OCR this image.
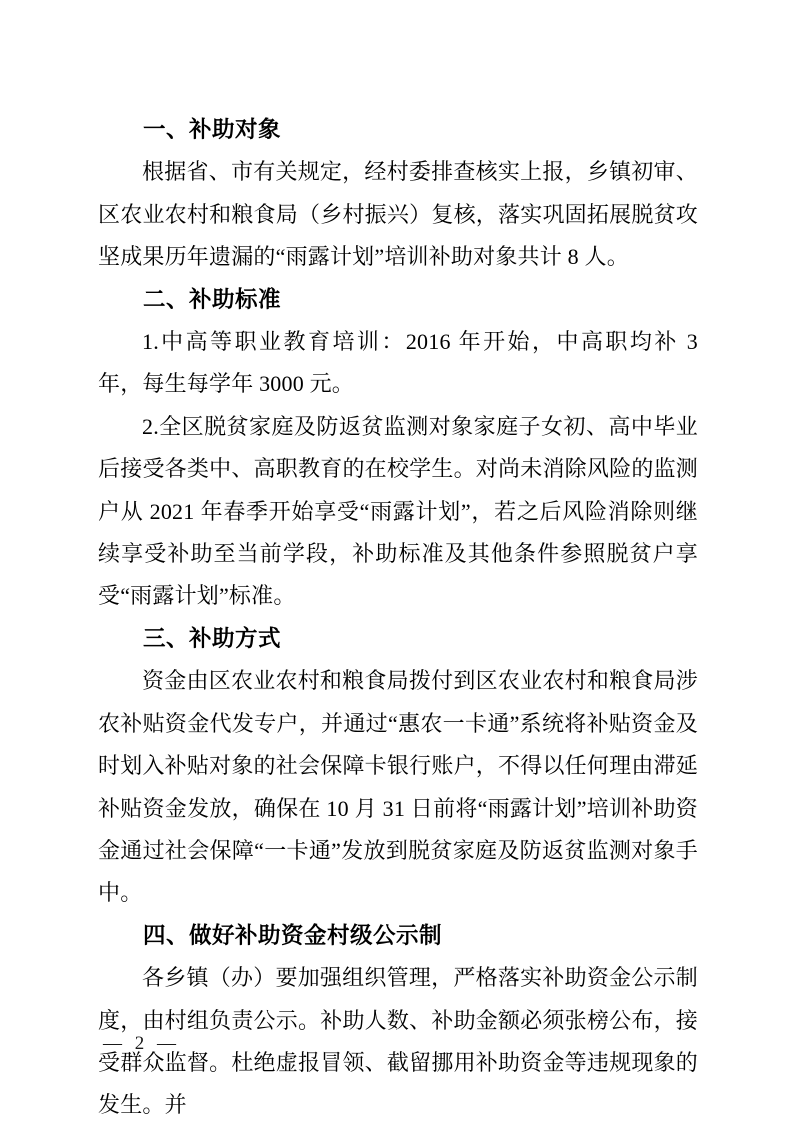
一、补助对象

根据省、市有关规定，经村委排查核实上报，乡镇初审、区农业农村和粮食局（乡村振兴）复核，落实巩固拓展脱贫攻坚成果历年遗漏的“雨露计划”培训补助对象共计 8 人。

二、补助标准

1.中高等职业教育培训：2016 年开始，中高职均补 3 年，每生每学年 3000 元。

2.全区脱贫家庭及防返贫监测对象家庭子女初、高中毕业后接受各类中、高职教育的在校学生。对尚未消除风险的监测户从 2021 年春季开始享受“雨露计划”，若之后风险消除则继续享受补助至当前学段，补助标准及其他条件参照脱贫户享受“雨露计划”标准。

三、补助方式

资金由区农业农村和粮食局拨付到区农业农村和粮食局涉农补贴资金代发专户，并通过“惠农一卡通”系统将补贴资金及时划入补贴对象的社会保障卡银行账户，不得以任何理由滞延补贴资金发放，确保在 10 月 31 日前将“雨露计划”培训补助资金通过社会保障“一卡通”发放到脱贫家庭及防返贫监测对象手中。

四、做好补助资金村级公示制

各乡镇（办）要加强组织管理，严格落实补助资金公示制度，由村组负责公示。补助人数、补助金额必须张榜公布，接受群众监督。杜绝虚报冒领、截留挪用补助资金等违规现象的发生。并

— 2 —
